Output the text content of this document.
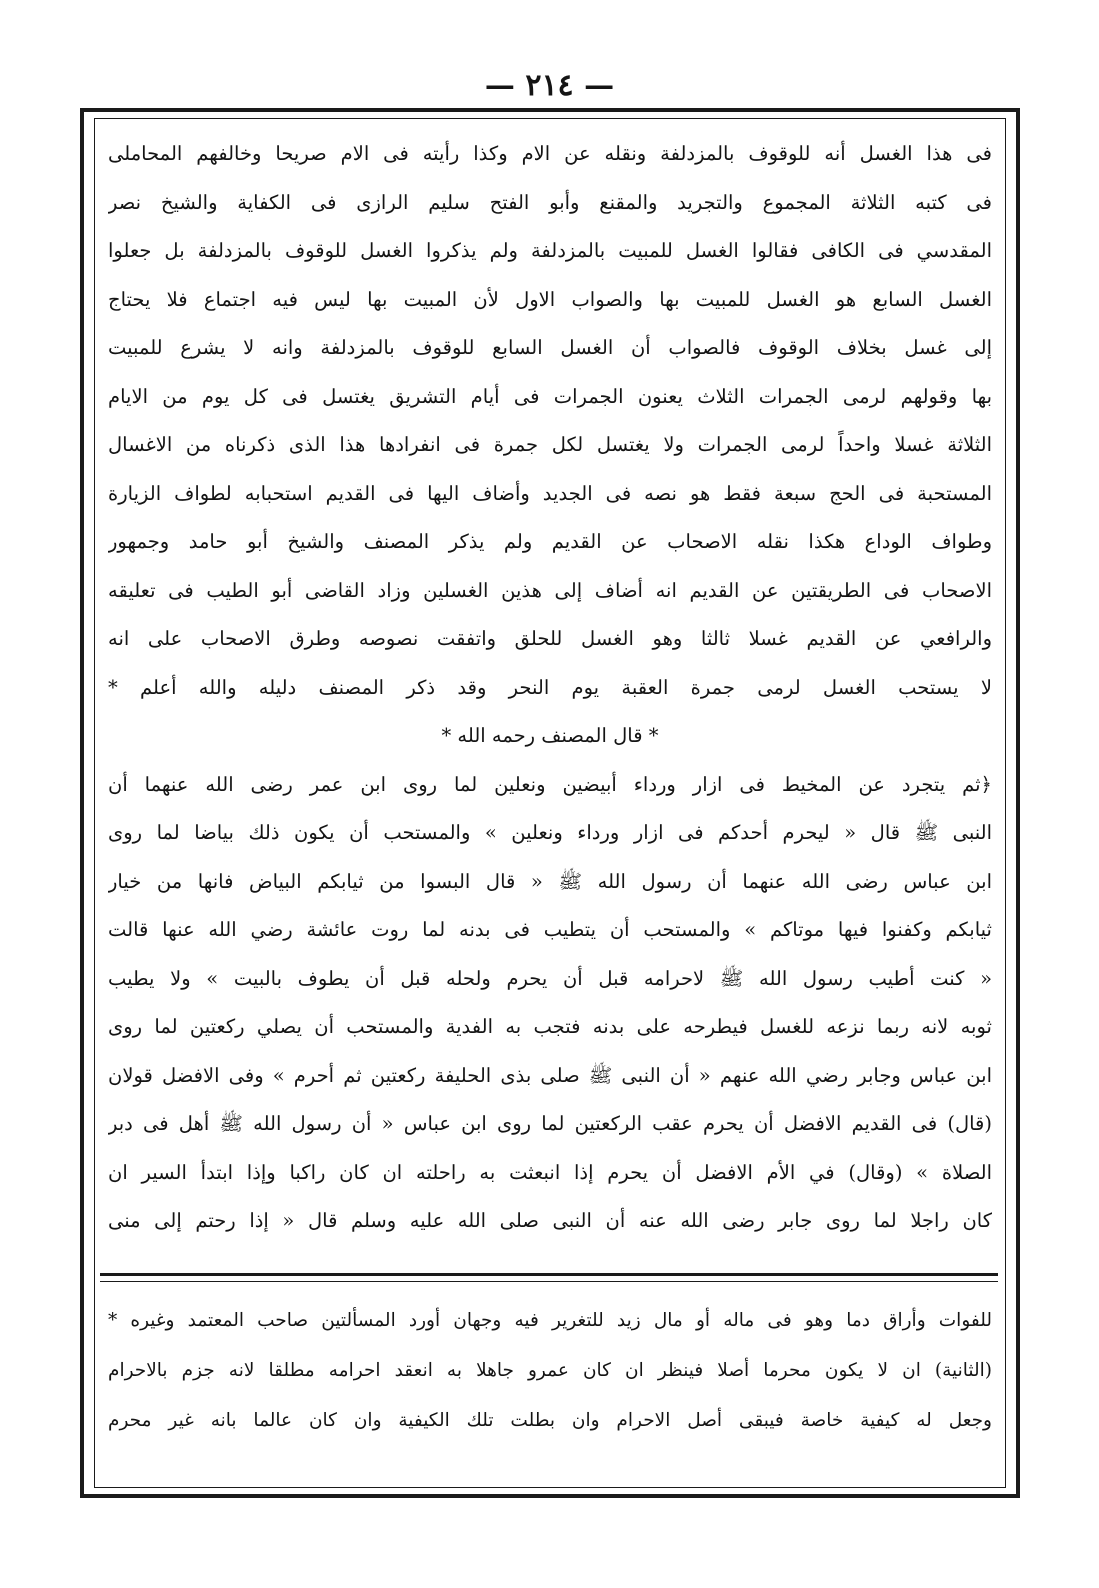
— ٢١٤ —
فى هذا الغسل أنه للوقوف بالمزدلفة ونقله عن الام وكذا رأيته فى الام صريحا وخالفهم المحاملى
فى كتبه الثلاثة المجموع والتجريد والمقنع وأبو الفتح سليم الرازى فى الكفاية والشيخ نصر
المقدسي فى الكافى فقالوا الغسل للمبيت بالمزدلفة ولم يذكروا الغسل للوقوف بالمزدلفة بل جعلوا
الغسل السابع هو الغسل للمبيت بها والصواب الاول لأن المبيت بها ليس فيه اجتماع فلا يحتاج
إلى غسل بخلاف الوقوف فالصواب أن الغسل السابع للوقوف بالمزدلفة وانه لا يشرع للمبيت
بها وقولهم لرمى الجمرات الثلاث يعنون الجمرات فى أيام التشريق يغتسل فى كل يوم من الايام
الثلاثة غسلا واحداً لرمى الجمرات ولا يغتسل لكل جمرة فى انفرادها هذا الذى ذكرناه من الاغسال
المستحبة فى الحج سبعة فقط هو نصه فى الجديد وأضاف اليها فى القديم استحبابه لطواف الزيارة
وطواف الوداع هكذا نقله الاصحاب عن القديم ولم يذكر المصنف والشيخ أبو حامد وجمهور
الاصحاب فى الطريقتين عن القديم انه أضاف إلى هذين الغسلين وزاد القاضى أبو الطيب فى تعليقه
والرافعي عن القديم غسلا ثالثا وهو الغسل للحلق واتفقت نصوصه وطرق الاصحاب على انه
لا يستحب الغسل لرمى جمرة العقبة يوم النحر وقد ذكر المصنف دليله والله أعلم *
* قال المصنف رحمه الله *
﴿ثم يتجرد عن المخيط فى ازار ورداء أبيضين ونعلين لما روى ابن عمر رضى الله عنهما أن
النبى ﷺ قال « ليحرم أحدكم فى ازار ورداء ونعلين » والمستحب أن يكون ذلك بياضا لما روى
ابن عباس رضى الله عنهما أن رسول الله ﷺ « قال البسوا من ثيابكم البياض فانها من خيار
ثيابكم وكفنوا فيها موتاكم » والمستحب أن يتطيب فى بدنه لما روت عائشة رضي الله عنها قالت
« كنت أطيب رسول الله ﷺ لاحرامه قبل أن يحرم ولحله قبل أن يطوف بالبيت » ولا يطيب
ثوبه لانه ربما نزعه للغسل فيطرحه على بدنه فتجب به الفدية والمستحب أن يصلي ركعتين لما روى
ابن عباس وجابر رضي الله عنهم « أن النبى ﷺ صلى بذى الحليفة ركعتين ثم أحرم » وفى الافضل قولان
(قال) فى القديم الافضل أن يحرم عقب الركعتين لما روى ابن عباس « أن رسول الله ﷺ أهل فى دبر
الصلاة » (وقال) في الأم الافضل أن يحرم إذا انبعثت به راحلته ان كان راكبا وإذا ابتدأ السير ان
كان راجلا لما روى جابر رضى الله عنه أن النبى صلى الله عليه وسلم قال « إذا رحتم إلى منى
للفوات وأراق دما وهو فى ماله أو مال زيد للتغرير فيه وجهان أورد المسألتين صاحب المعتمد وغيره *
(الثانية) ان لا يكون محرما أصلا فينظر ان كان عمرو جاهلا به انعقد احرامه مطلقا لانه جزم بالاحرام
وجعل له كيفية خاصة فيبقى أصل الاحرام وان بطلت تلك الكيفية وان كان عالما بانه غير محرم
